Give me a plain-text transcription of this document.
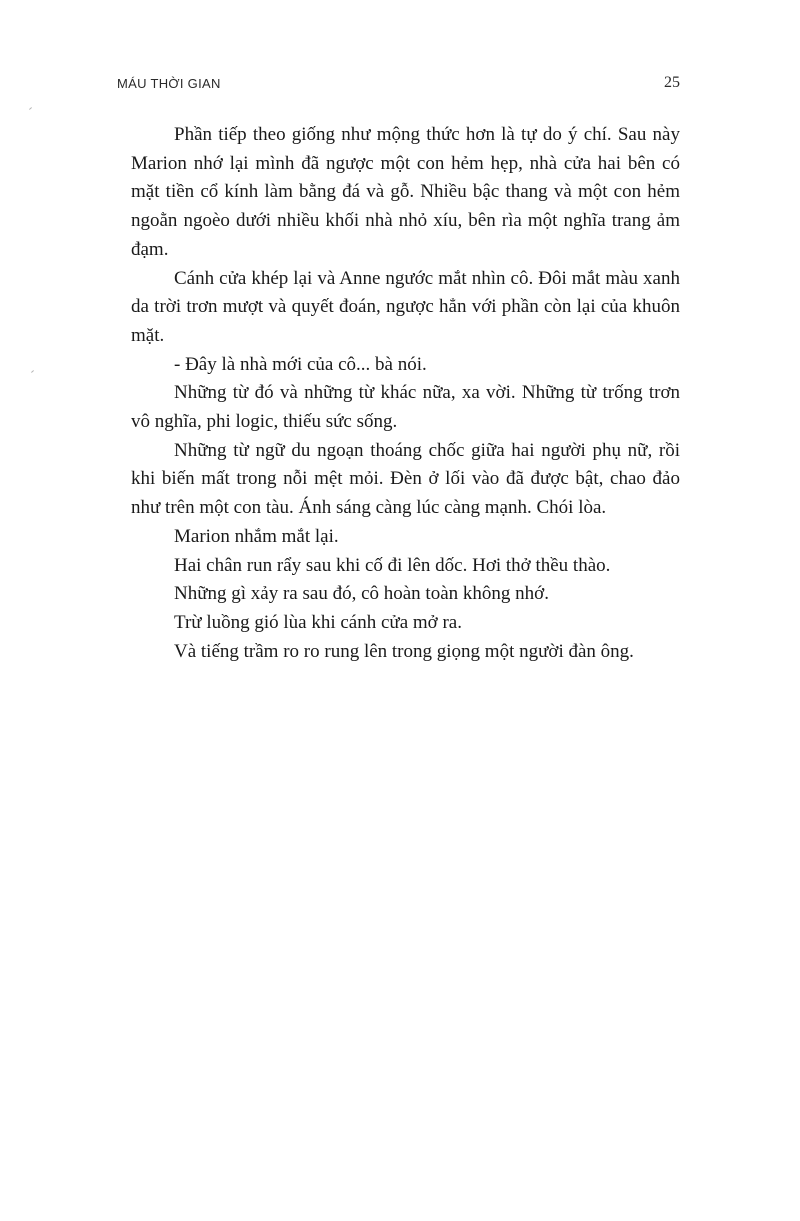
MÁU THỜI GIAN	25

Phần tiếp theo giống như mộng thức hơn là tự do ý chí. Sau này Marion nhớ lại mình đã ngược một con hẻm hẹp, nhà cửa hai bên có mặt tiền cổ kính làm bằng đá và gỗ. Nhiều bậc thang và một con hẻm ngoằn ngoèo dưới nhiều khối nhà nhỏ xíu, bên rìa một nghĩa trang ảm đạm.

Cánh cửa khép lại và Anne ngước mắt nhìn cô. Đôi mắt màu xanh da trời trơn mượt và quyết đoán, ngược hẳn với phần còn lại của khuôn mặt.

- Đây là nhà mới của cô... bà nói.

Những từ đó và những từ khác nữa, xa vời. Những từ trống trơn vô nghĩa, phi logic, thiếu sức sống.

Những từ ngữ du ngoạn thoáng chốc giữa hai người phụ nữ, rồi khi biến mất trong nỗi mệt mỏi. Đèn ở lối vào đã được bật, chao đảo như trên một con tàu. Ánh sáng càng lúc càng mạnh. Chói lòa.

Marion nhắm mắt lại.

Hai chân run rẩy sau khi cố đi lên dốc. Hơi thở thều thào.

Những gì xảy ra sau đó, cô hoàn toàn không nhớ.

Trừ luồng gió lùa khi cánh cửa mở ra.

Và tiếng trầm ro ro rung lên trong giọng một người đàn ông.
